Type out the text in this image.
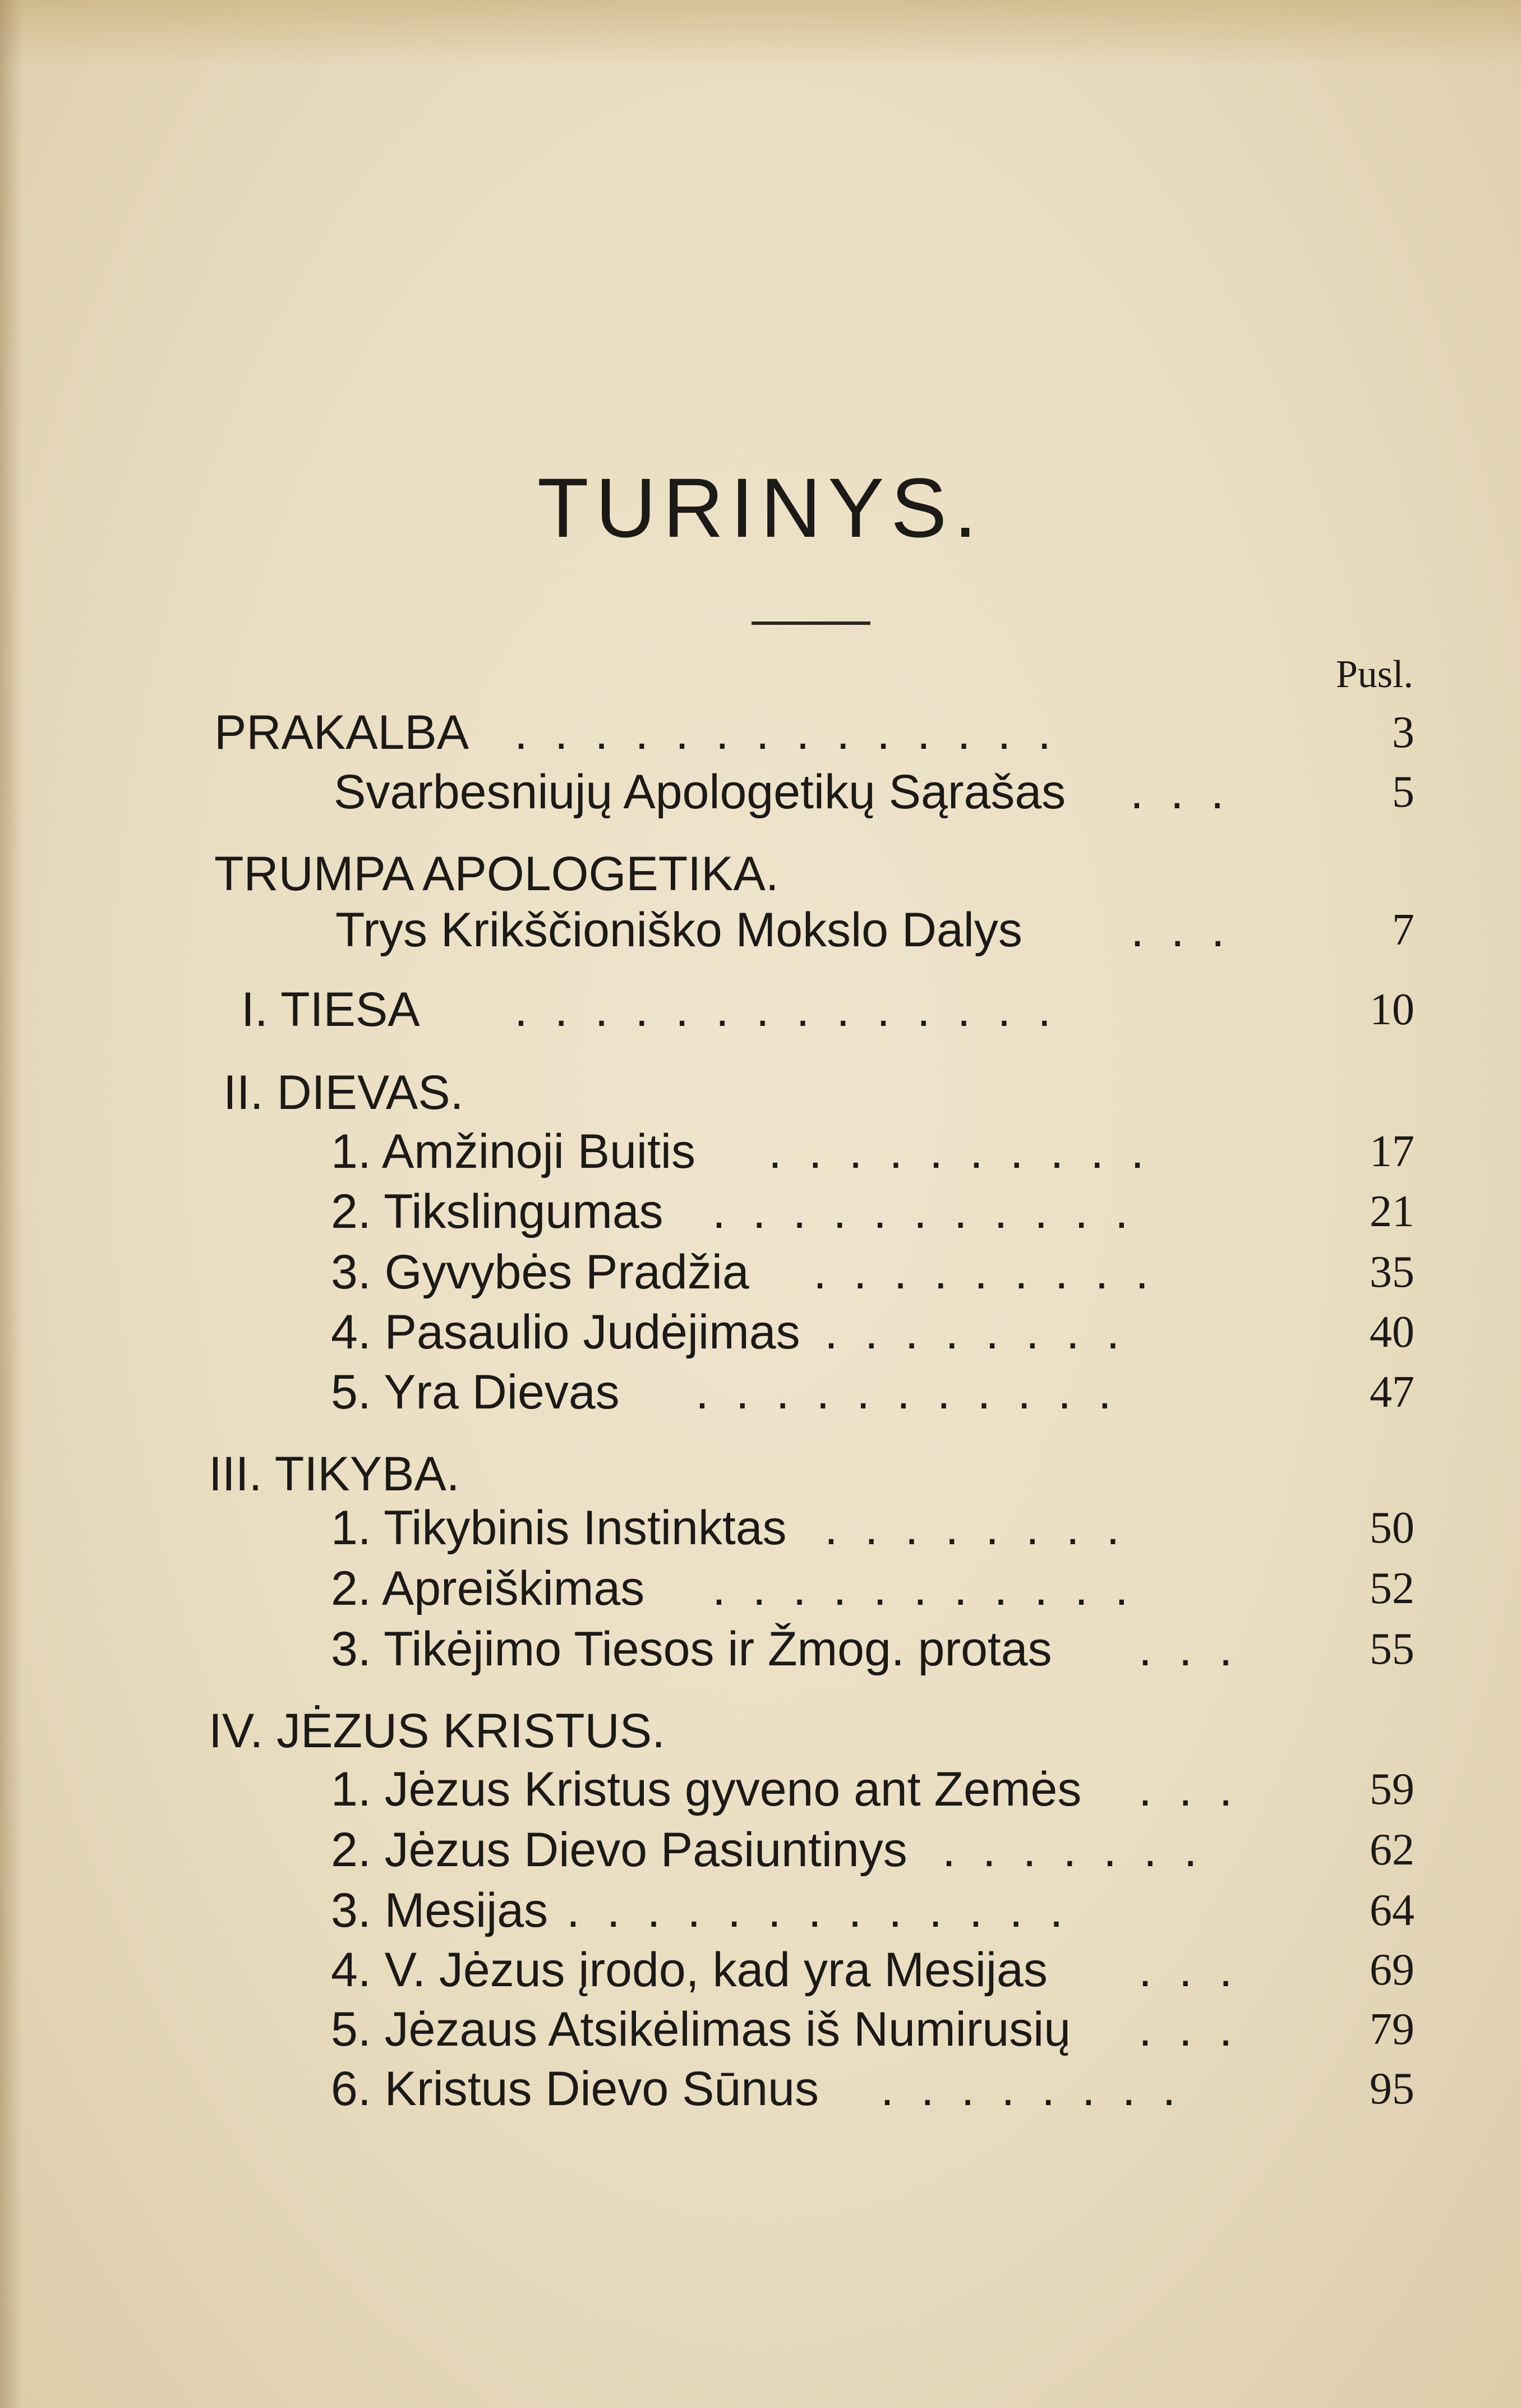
TURINYS.
Pusl.
PRAKALBA . . . . . . . . . . . . . .	3
Svarbesniujų Apologetikų Sąrašas . . .	5
TRUMPA APOLOGETIKA.
Trys Krikščioniško Mokslo Dalys . . .	7
I. TIESA . . . . . . . . . . . . . .	10
II. DIEVAS.
1. Amžinoji Buitis . . . . . . . . . .	17
2. Tikslingumas . . . . . . . . . . .	21
3. Gyvybės Pradžia . . . . . . . . .	35
4. Pasaulio Judėjimas . . . . . . . .	40
5. Yra Dievas . . . . . . . . . . .	47
III. TIKYBA.
1. Tikybinis Instinktas . . . . . . . .	50
2. Apreiškimas . . . . . . . . . . .	52
3. Tikėjimo Tiesos ir Žmog. protas . . .	55
IV. JĖZUS KRISTUS.
1. Jėzus Kristus gyveno ant Zemės . . .	59
2. Jėzus Dievo Pasiuntinys . . . . . . .	62
3. Mesijas . . . . . . . . . . . . .	64
4. V. Jėzus įrodo, kad yra Mesijas . . .	69
5. Jėzaus Atsikėlimas iš Numirusių . . .	79
6. Kristus Dievo Sūnus . . . . . . . .	95
